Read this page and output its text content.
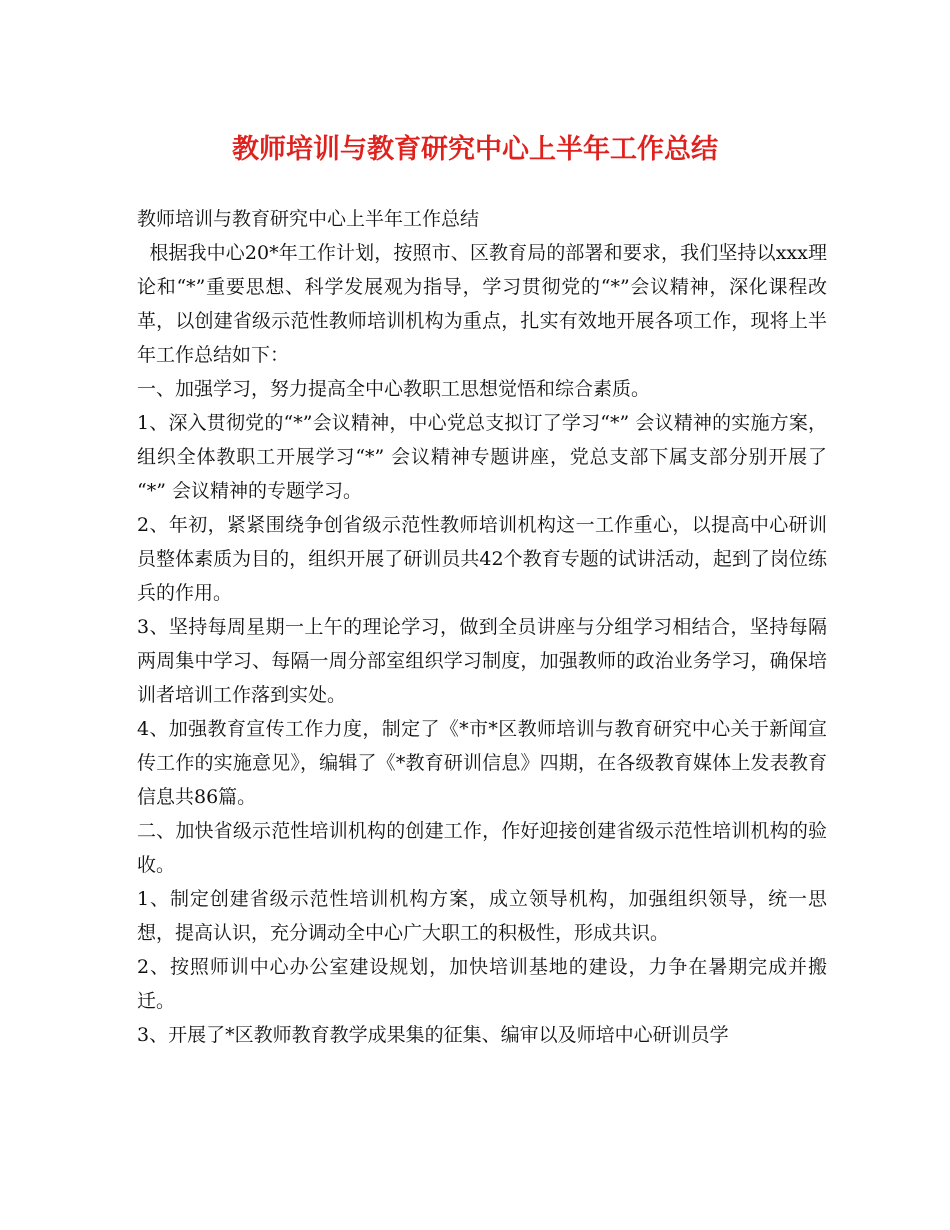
教师培训与教育研究中心上半年工作总结

教师培训与教育研究中心上半年工作总结

根据我中心20*年工作计划，按照市、区教育局的部署和要求，我们坚持以xxx理论和“*”重要思想、科学发展观为指导，学习贯彻党的“*”会议精神，深化课程改革，以创建省级示范性教师培训机构为重点，扎实有效地开展各项工作，现将上半年工作总结如下：

一、加强学习，努力提高全中心教职工思想觉悟和综合素质。

1、深入贯彻党的“*”会议精神，中心党总支拟订了学习“*” 会议精神的实施方案，组织全体教职工开展学习“*” 会议精神专题讲座，党总支部下属支部分别开展了 “*” 会议精神的专题学习。

2、年初，紧紧围绕争创省级示范性教师培训机构这一工作重心，以提高中心研训员整体素质为目的，组织开展了研训员共42个教育专题的试讲活动，起到了岗位练兵的作用。

3、坚持每周星期一上午的理论学习，做到全员讲座与分组学习相结合，坚持每隔两周集中学习、每隔一周分部室组织学习制度，加强教师的政治业务学习，确保培训者培训工作落到实处。

4、加强教育宣传工作力度，制定了《*市*区教师培训与教育研究中心关于新闻宣传工作的实施意见》，编辑了《*教育研训信息》四期，在各级教育媒体上发表教育信息共86篇。

二、加快省级示范性培训机构的创建工作，作好迎接创建省级示范性培训机构的验收。

1、制定创建省级示范性培训机构方案，成立领导机构，加强组织领导，统一思想，提高认识，充分调动全中心广大职工的积极性，形成共识。

2、按照师训中心办公室建设规划，加快培训基地的建设，力争在暑期完成并搬迁。

3、开展了*区教师教育教学成果集的征集、编审以及师培中心研训员学
